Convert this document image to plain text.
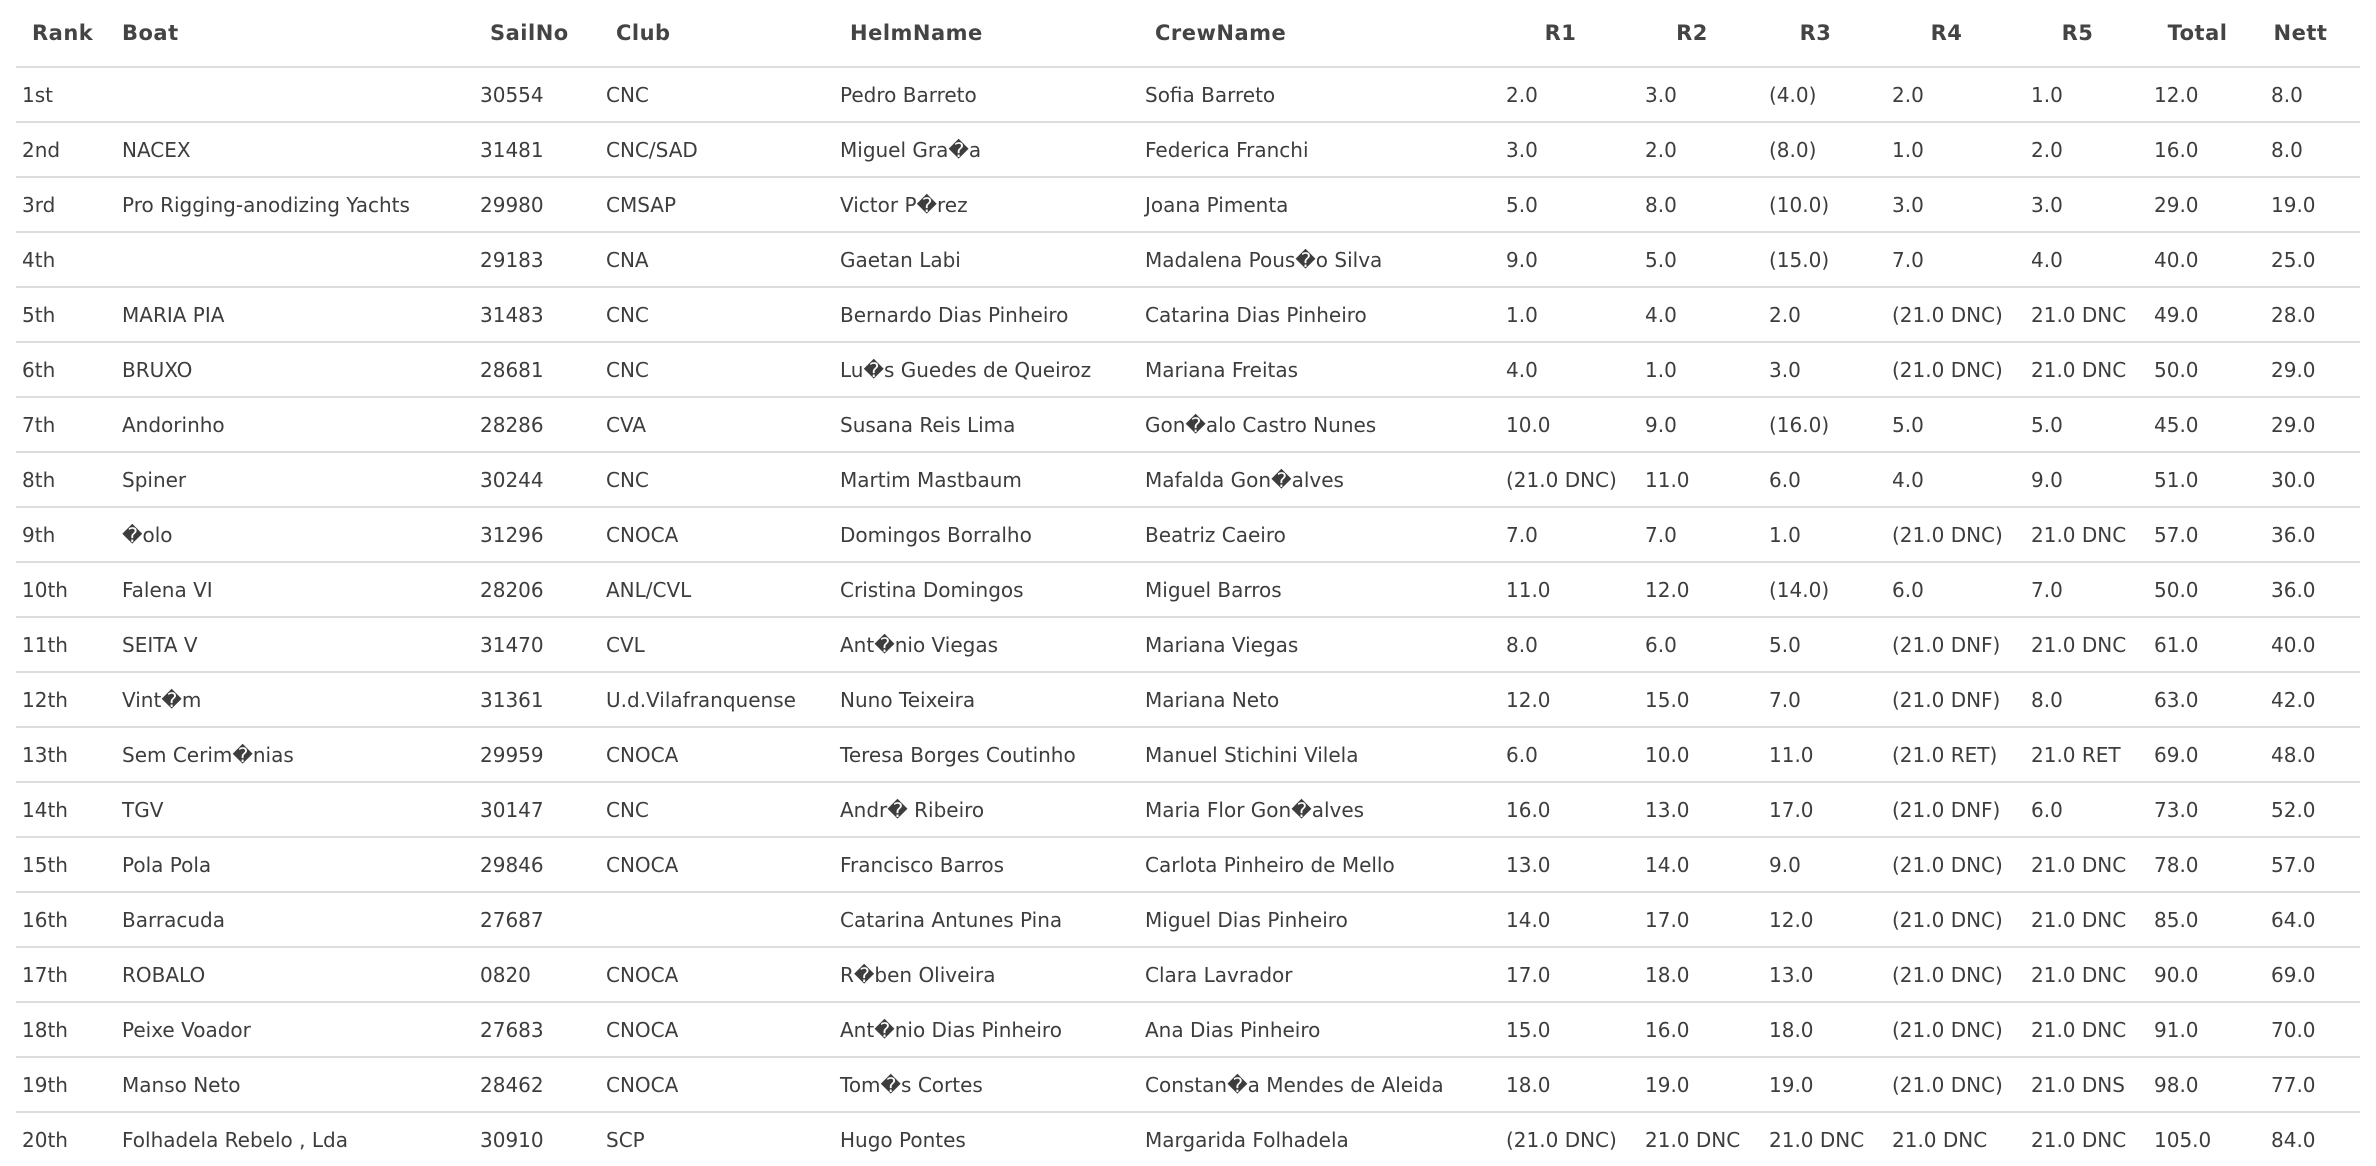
Rank	Boat	SailNo	Club	HelmName	CrewName	R1	R2	R3	R4	R5	Total	Nett
1st		30554	CNC	Pedro Barreto	Sofia Barreto	2.0	3.0	(4.0)	2.0	1.0	12.0	8.0
2nd	NACEX	31481	CNC/SAD	Miguel Gra�a	Federica Franchi	3.0	2.0	(8.0)	1.0	2.0	16.0	8.0
3rd	Pro Rigging-anodizing Yachts	29980	CMSAP	Victor P�rez	Joana Pimenta	5.0	8.0	(10.0)	3.0	3.0	29.0	19.0
4th		29183	CNA	Gaetan Labi	Madalena Pous�o Silva	9.0	5.0	(15.0)	7.0	4.0	40.0	25.0
5th	MARIA PIA	31483	CNC	Bernardo Dias Pinheiro	Catarina Dias Pinheiro	1.0	4.0	2.0	(21.0 DNC)	21.0 DNC	49.0	28.0
6th	BRUXO	28681	CNC	Lu�s Guedes de Queiroz	Mariana Freitas	4.0	1.0	3.0	(21.0 DNC)	21.0 DNC	50.0	29.0
7th	Andorinho	28286	CVA	Susana Reis Lima	Gon�alo Castro Nunes	10.0	9.0	(16.0)	5.0	5.0	45.0	29.0
8th	Spiner	30244	CNC	Martim Mastbaum	Mafalda Gon�alves	(21.0 DNC)	11.0	6.0	4.0	9.0	51.0	30.0
9th	�olo	31296	CNOCA	Domingos Borralho	Beatriz Caeiro	7.0	7.0	1.0	(21.0 DNC)	21.0 DNC	57.0	36.0
10th	Falena VI	28206	ANL/CVL	Cristina Domingos	Miguel Barros	11.0	12.0	(14.0)	6.0	7.0	50.0	36.0
11th	SEITA V	31470	CVL	Ant�nio Viegas	Mariana Viegas	8.0	6.0	5.0	(21.0 DNF)	21.0 DNC	61.0	40.0
12th	Vint�m	31361	U.d.Vilafranquense	Nuno Teixeira	Mariana Neto	12.0	15.0	7.0	(21.0 DNF)	8.0	63.0	42.0
13th	Sem Cerim�nias	29959	CNOCA	Teresa Borges Coutinho	Manuel Stichini Vilela	6.0	10.0	11.0	(21.0 RET)	21.0 RET	69.0	48.0
14th	TGV	30147	CNC	Andr� Ribeiro	Maria Flor Gon�alves	16.0	13.0	17.0	(21.0 DNF)	6.0	73.0	52.0
15th	Pola Pola	29846	CNOCA	Francisco Barros	Carlota Pinheiro de Mello	13.0	14.0	9.0	(21.0 DNC)	21.0 DNC	78.0	57.0
16th	Barracuda	27687		Catarina Antunes Pina	Miguel Dias Pinheiro	14.0	17.0	12.0	(21.0 DNC)	21.0 DNC	85.0	64.0
17th	ROBALO	0820	CNOCA	R�ben Oliveira	Clara Lavrador	17.0	18.0	13.0	(21.0 DNC)	21.0 DNC	90.0	69.0
18th	Peixe Voador	27683	CNOCA	Ant�nio Dias Pinheiro	Ana Dias Pinheiro	15.0	16.0	18.0	(21.0 DNC)	21.0 DNC	91.0	70.0
19th	Manso Neto	28462	CNOCA	Tom�s Cortes	Constan�a Mendes de Aleida	18.0	19.0	19.0	(21.0 DNC)	21.0 DNS	98.0	77.0
20th	Folhadela Rebelo , Lda	30910	SCP	Hugo Pontes	Margarida Folhadela	(21.0 DNC)	21.0 DNC	21.0 DNC	21.0 DNC	21.0 DNC	105.0	84.0
